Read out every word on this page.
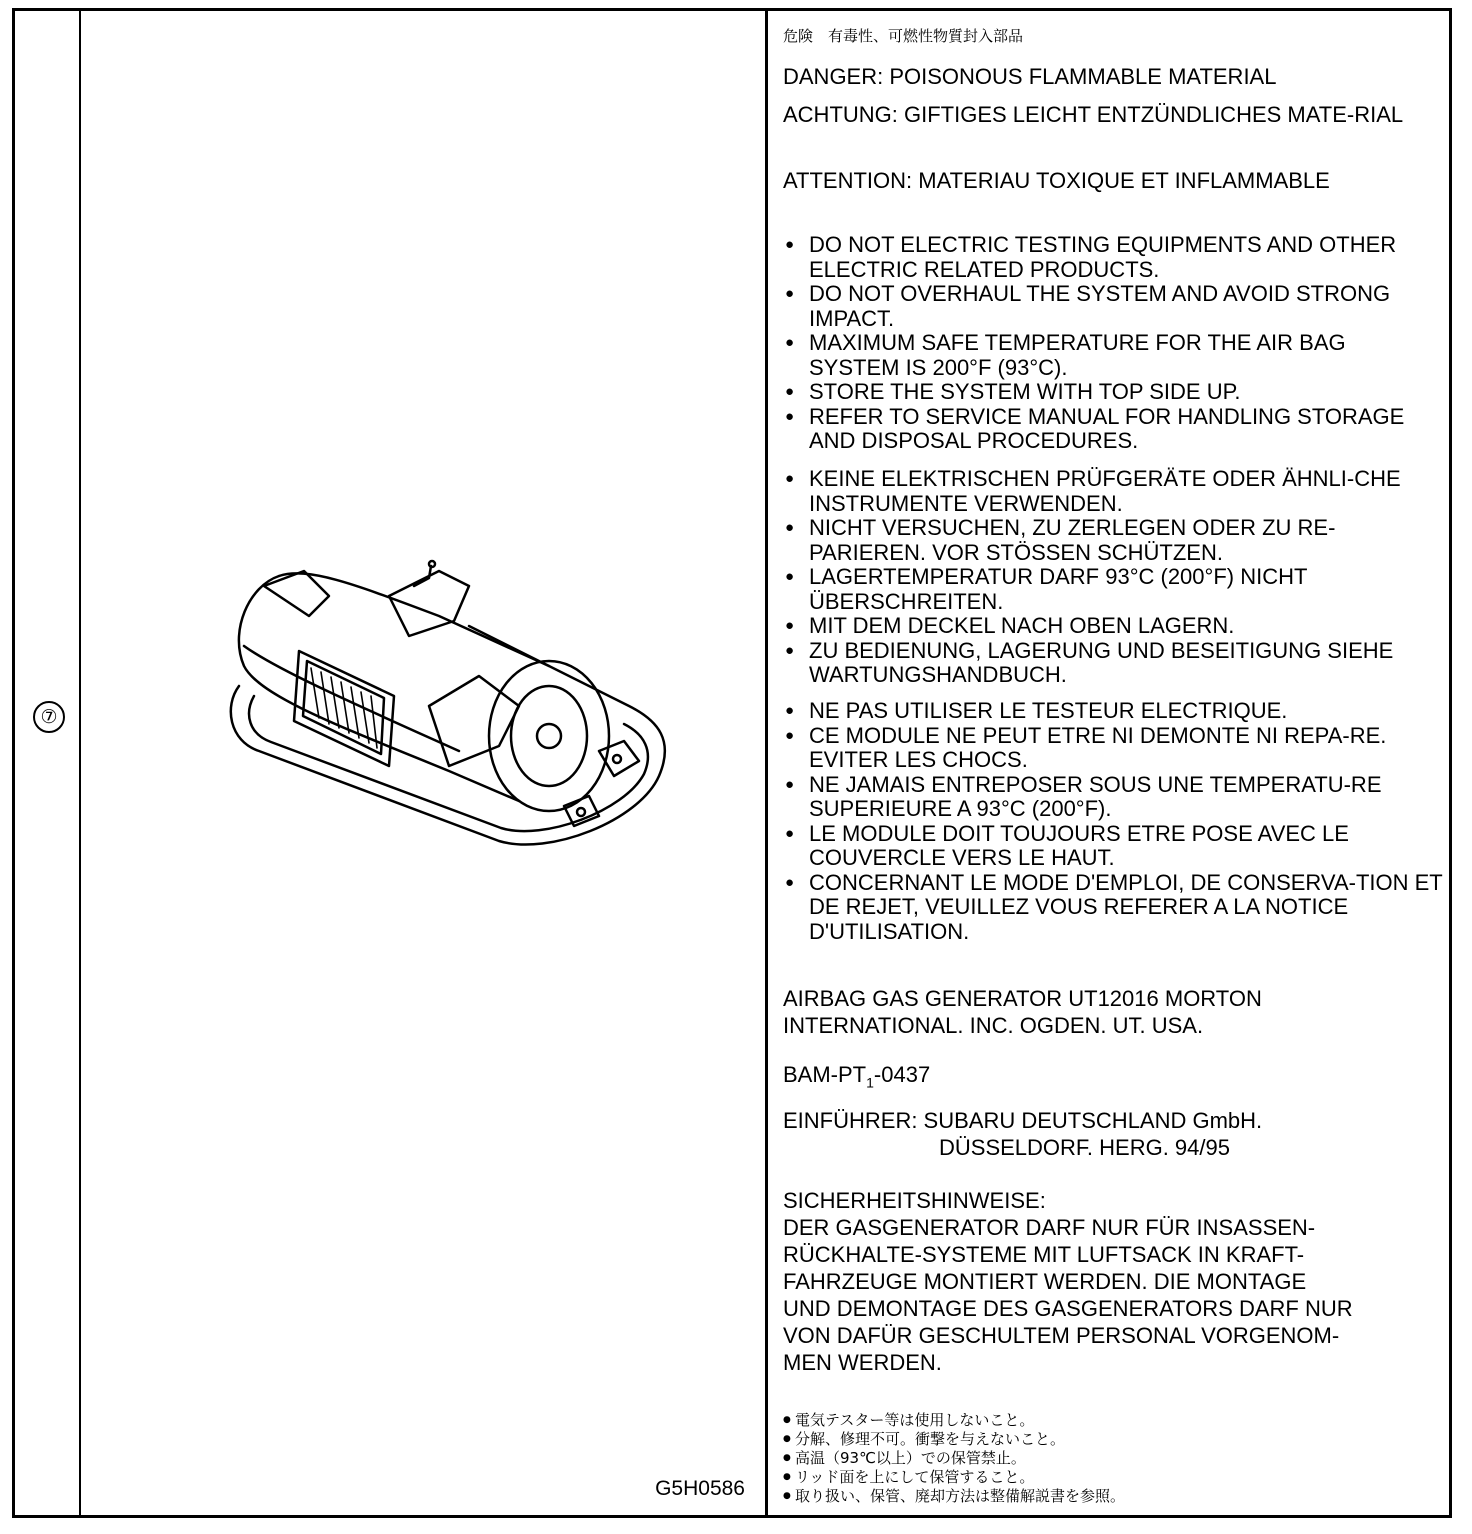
⑦
G5H0586
危険　有毒性、可燃性物質封入部品

DANGER: POISONOUS FLAMMABLE MATERIAL

ACHTUNG: GIFTIGES LEICHT ENTZÜNDLICHES MATE-RIAL

ATTENTION: MATERIAU TOXIQUE ET INFLAMMABLE

● DO NOT ELECTRIC TESTING EQUIPMENTS AND OTHER ELECTRIC RELATED PRODUCTS.
● DO NOT OVERHAUL THE SYSTEM AND AVOID STRONG IMPACT.
● MAXIMUM SAFE TEMPERATURE FOR THE AIR BAG SYSTEM IS 200°F (93°C).
● STORE THE SYSTEM WITH TOP SIDE UP.
● REFER TO SERVICE MANUAL FOR HANDLING STORAGE AND DISPOSAL PROCEDURES.
● KEINE ELEKTRISCHEN PRÜFGERÄTE ODER ÄHNLI-CHE INSTRUMENTE VERWENDEN.
● NICHT VERSUCHEN, ZU ZERLEGEN ODER ZU RE-PARIEREN. VOR STÖSSEN SCHÜTZEN.
● LAGERTEMPERATUR DARF 93°C (200°F) NICHT ÜBERSCHREITEN.
● MIT DEM DECKEL NACH OBEN LAGERN.
● ZU BEDIENUNG, LAGERUNG UND BESEITIGUNG SIEHE WARTUNGSHANDBUCH.
● NE PAS UTILISER LE TESTEUR ELECTRIQUE.
● CE MODULE NE PEUT ETRE NI DEMONTE NI REPA-RE. EVITER LES CHOCS.
● NE JAMAIS ENTREPOSER SOUS UNE TEMPERATU-RE SUPERIEURE A 93°C (200°F).
● LE MODULE DOIT TOUJOURS ETRE POSE AVEC LE COUVERCLE VERS LE HAUT.
● CONCERNANT LE MODE D'EMPLOI, DE CONSERVA-TION ET DE REJET, VEUILLEZ VOUS REFERER A LA NOTICE D'UTILISATION.

AIRBAG GAS GENERATOR UT12016 MORTON

INTERNATIONAL. INC. OGDEN. UT. USA.

BAM-$PT_1-0437$

EINFÜHRER: SUBARU DEUTSCHLAND GmbH.

DÜSSELDORF. HERG. 94/95

SICHERHEITSHINWEISE:

DER GASGENERATOR DARF NUR FÜR INSASSEN-

RÜCKHALTE-SYSTEME MIT LUFTSACK IN KRAFT-

FAHRZEUGE MONTIERT WERDEN. DIE MONTAGE

UND DEMONTAGE DES GASGENERATORS DARF NUR

VON DAFÜR GESCHULTEM PERSONAL VORGENOM-

MEN WERDEN.

● 電気テスター等は使用しないこと。
● 分解、修理不可。衝撃を与えないこと。
● 高温（93℃以上）での保管禁止。
● リッド面を上にして保管すること。
● 取り扱い、保管、廃却方法は整備解説書を参照。
